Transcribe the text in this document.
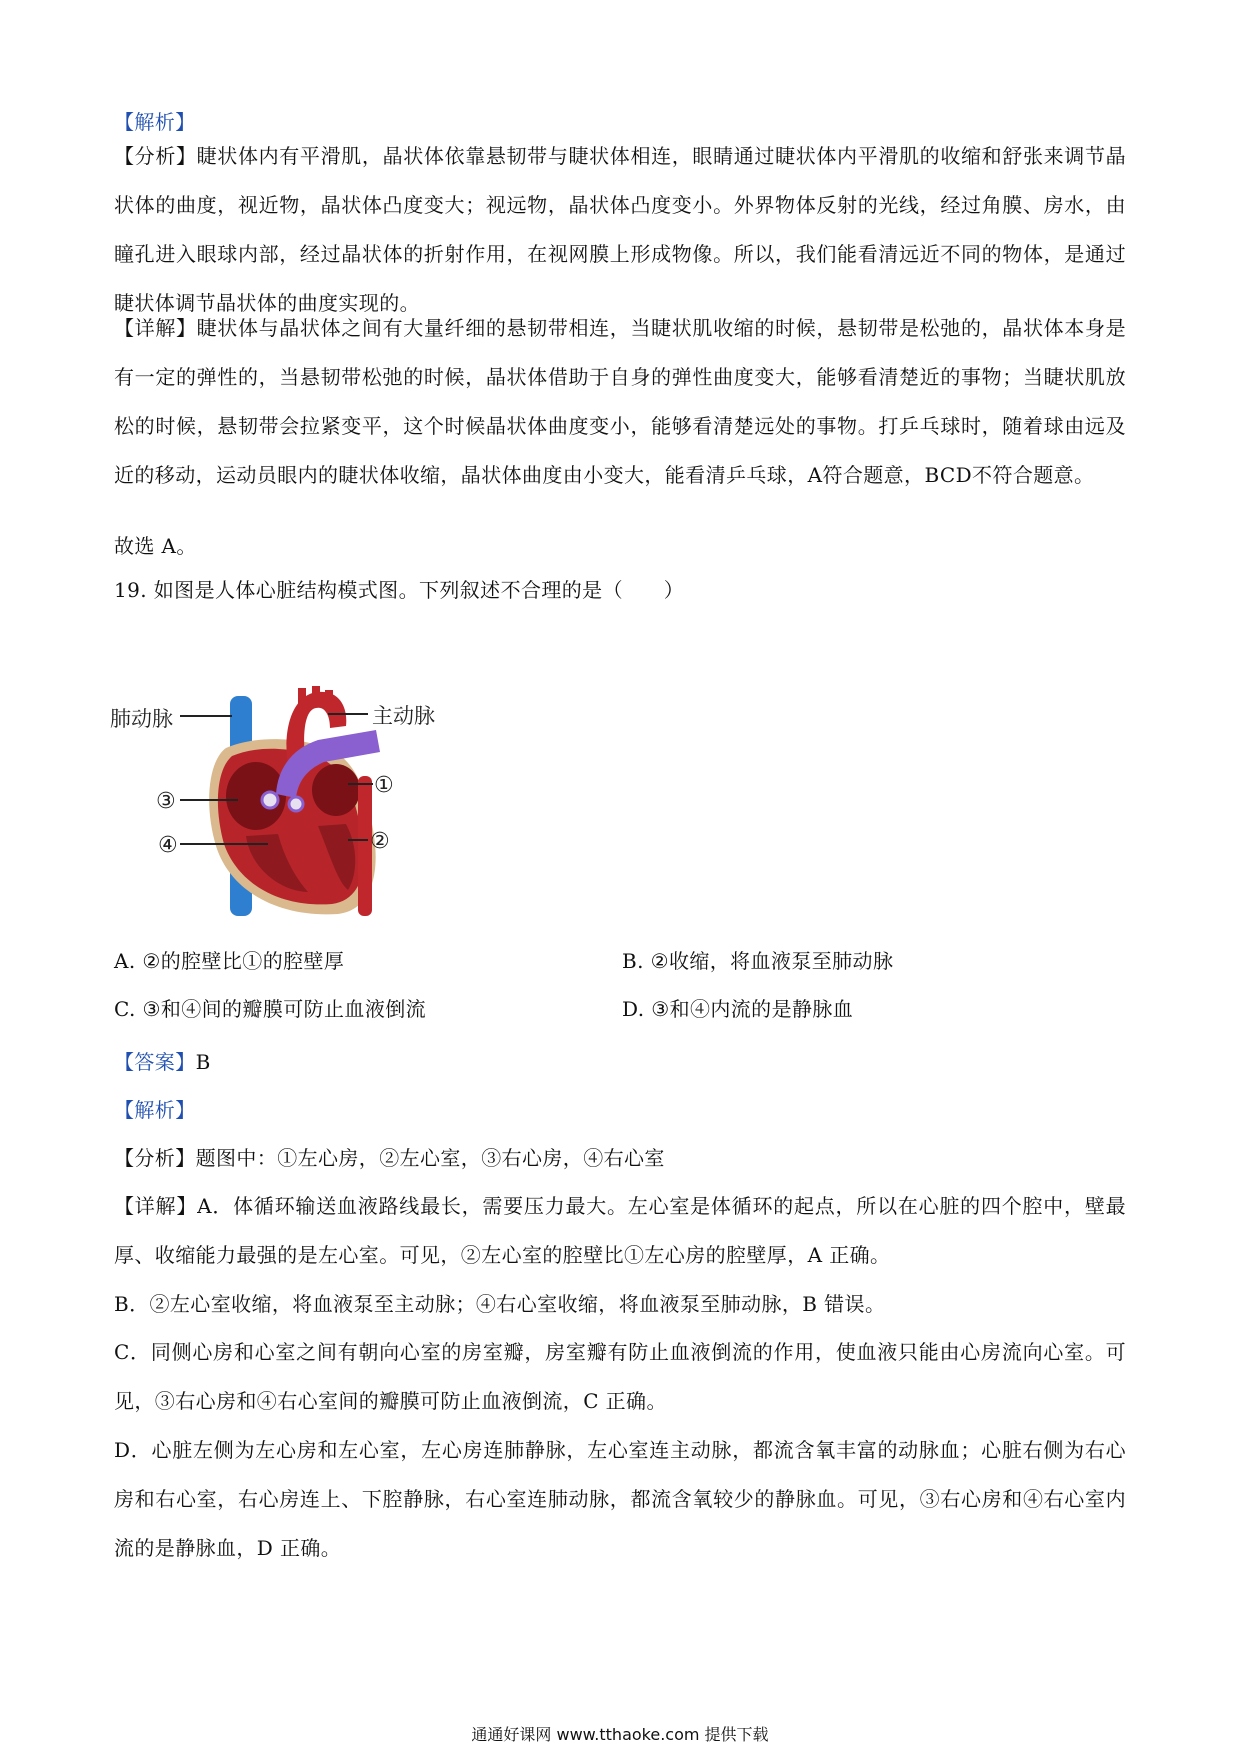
【解析】

【分析】睫状体内有平滑肌，晶状体依靠悬韧带与睫状体相连，眼睛通过睫状体内平滑肌的收缩和舒张来调节晶状体的曲度，视近物，晶状体凸度变大；视远物，晶状体凸度变小。外界物体反射的光线，经过角膜、房水，由瞳孔进入眼球内部，经过晶状体的折射作用，在视网膜上形成物像。所以，我们能看清远近不同的物体，是通过睫状体调节晶状体的曲度实现的。

【详解】睫状体与晶状体之间有大量纤细的悬韧带相连，当睫状肌收缩的时候，悬韧带是松弛的，晶状体本身是有一定的弹性的，当悬韧带松弛的时候，晶状体借助于自身的弹性曲度变大，能够看清楚近的事物；当睫状肌放松的时候，悬韧带会拉紧变平，这个时候晶状体曲度变小，能够看清楚远处的事物。打乒乓球时，随着球由远及近的移动，运动员眼内的睫状体收缩，晶状体曲度由小变大，能看清乒乓球，A符合题意，BCD不符合题意。

故选 A。

19. 如图是人体心脏结构模式图。下列叙述不合理的是（　　）

肺动脉	主动脉
①
②
③
④
A. ②的腔壁比①的腔壁厚	B. ②收缩，将血液泵至肺动脉
C. ③和④间的瓣膜可防止血液倒流	D. ③和④内流的是静脉血

【答案】B

【解析】

【分析】题图中：①左心房，②左心室，③右心房，④右心室

【详解】A．体循环输送血液路线最长，需要压力最大。左心室是体循环的起点，所以在心脏的四个腔中，壁最厚、收缩能力最强的是左心室。可见，②左心室的腔壁比①左心房的腔壁厚，A 正确。

B．②左心室收缩，将血液泵至主动脉；④右心室收缩，将血液泵至肺动脉，B 错误。

C．同侧心房和心室之间有朝向心室的房室瓣，房室瓣有防止血液倒流的作用，使血液只能由心房流向心室。可见，③右心房和④右心室间的瓣膜可防止血液倒流，C 正确。

D．心脏左侧为左心房和左心室，左心房连肺静脉，左心室连主动脉，都流含氧丰富的动脉血；心脏右侧为右心房和右心室，右心房连上、下腔静脉，右心室连肺动脉，都流含氧较少的静脉血。可见，③右心房和④右心室内流的是静脉血，D 正确。

通通好课网 www.tthaoke.com 提供下载
